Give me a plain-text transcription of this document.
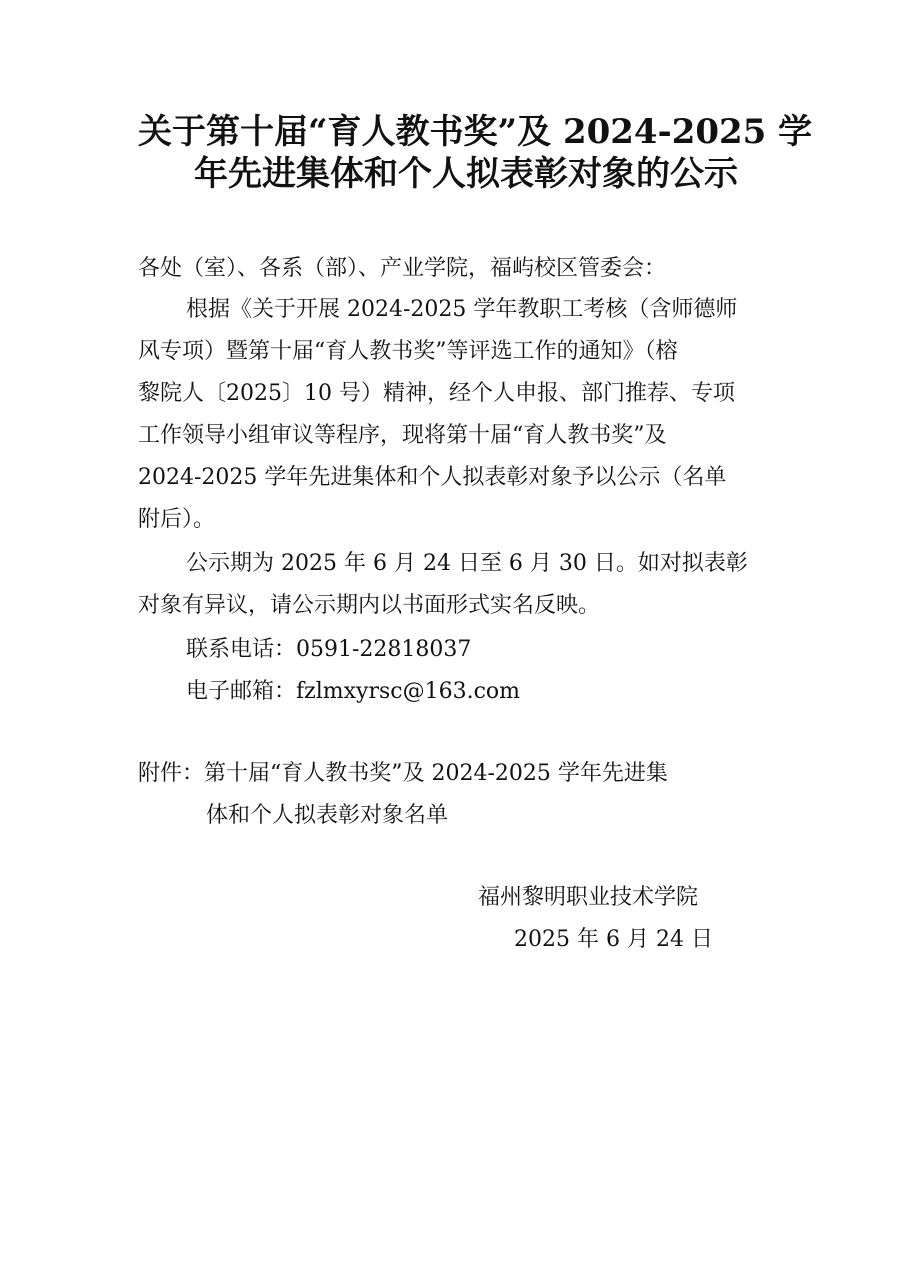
关于第十届“育人教书奖”及 2024-2025 学
年先进集体和个人拟表彰对象的公示
各处（室）、各系（部）、产业学院，福屿校区管委会：
根据《关于开展 2024-2025 学年教职工考核（含师德师
风专项）暨第十届“育人教书奖”等评选工作的通知》（榕
黎院人〔2025〕10 号）精神，经个人申报、部门推荐、专项
工作领导小组审议等程序，现将第十届“育人教书奖”及
2024-2025 学年先进集体和个人拟表彰对象予以公示（名单
附后）。
公示期为 2025 年 6 月 24 日至 6 月 30 日。如对拟表彰
对象有异议，请公示期内以书面形式实名反映。
联系电话：0591-22818037
电子邮箱：fzlmxyrsc@163.com
附件：第十届“育人教书奖”及 2024-2025 学年先进集
体和个人拟表彰对象名单
福州黎明职业技术学院
2025 年 6 月 24 日
